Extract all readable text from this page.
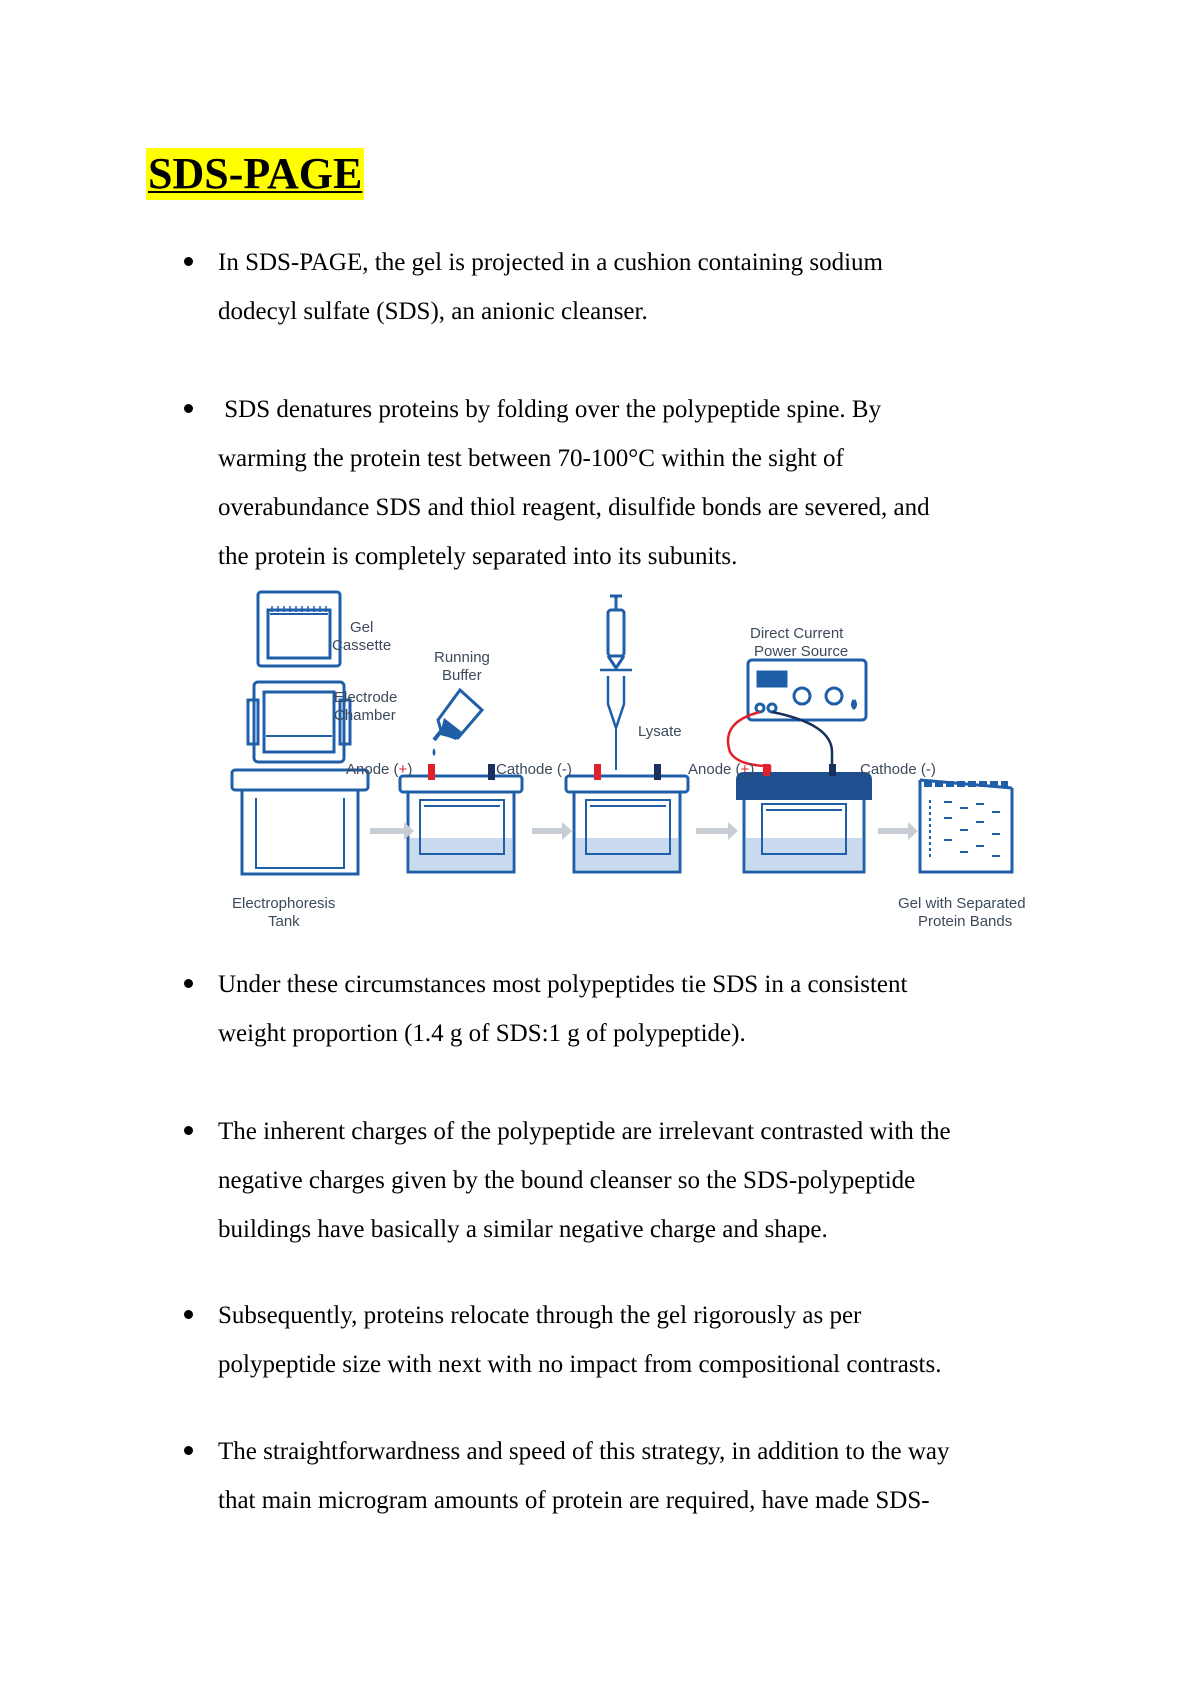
SDS-PAGE
In SDS-PAGE, the gel is projected in a cushion containing sodium
dodecyl sulfate (SDS), an anionic cleanser.
SDS denatures proteins by folding over the polypeptide spine. By
warming the protein test between 70-100°C within the sight of
overabundance SDS and thiol reagent, disulfide bonds are severed, and
the protein is completely separated into its subunits.
Under these circumstances most polypeptides tie SDS in a consistent
weight proportion (1.4 g of SDS:1 g of polypeptide).
The inherent charges of the polypeptide are irrelevant contrasted with the
negative charges given by the bound cleanser so the SDS-polypeptide
buildings have basically a similar negative charge and shape.
Subsequently, proteins relocate through the gel rigorously as per
polypeptide size with next with no impact from compositional contrasts.
The straightforwardness and speed of this strategy, in addition to the way
that main microgram amounts of protein are required, have made SDS-
Gel
Cassette
Electrode
Chamber
Running
Buffer
Anode (+)	Cathode (-)
Lysate
Direct Current
Power Source
Anode (+)	Cathode (-)
Electrophoresis
Tank
Gel with Separated
Protein Bands
